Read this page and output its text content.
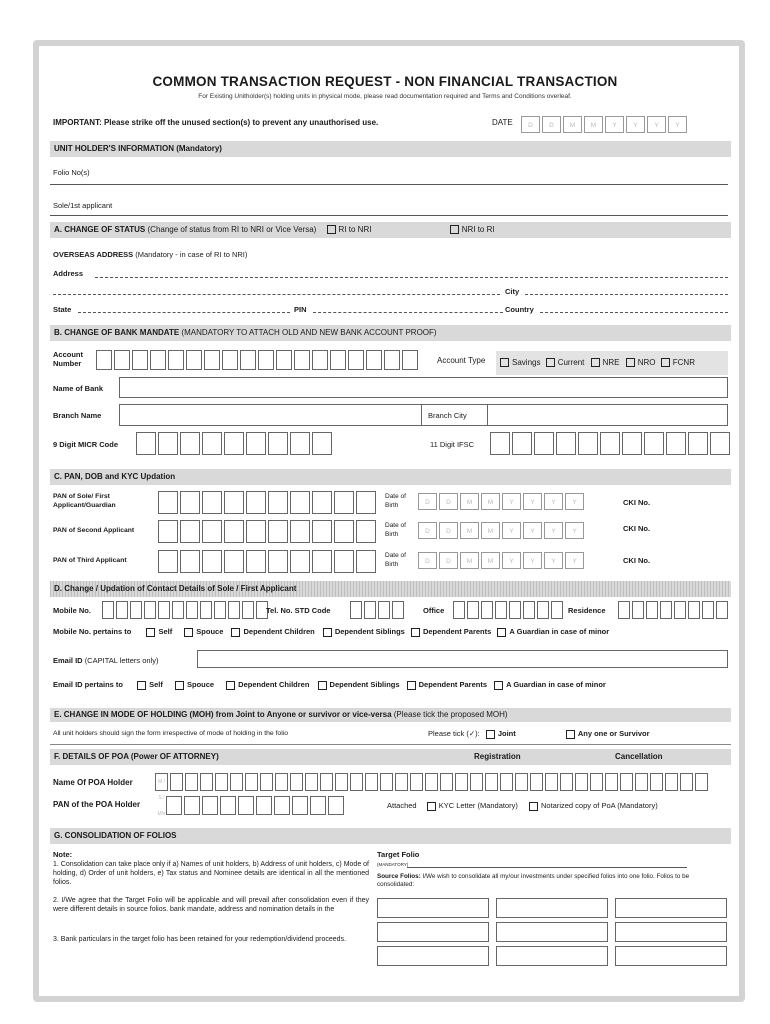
COMMON TRANSACTION REQUEST - NON FINANCIAL TRANSACTION
For Existing Unitholder(s) holding units in physical mode, please read documentation required and Terms and Conditions overleaf.
IMPORTANT: Please strike off the unused section(s) to prevent any unauthorised use.	DATE	D	D	M	M	Y	Y	Y	Y
UNIT HOLDER'S INFORMATION (Mandatory)
Folio No(s)
Sole/1st applicant
A. CHANGE OF STATUS (Change of status from RI to NRI or Vice Versa)	RI to NRI	NRI to RI
OVERSEAS ADDRESS (Mandatory - in case of RI to NRI)
Address
City
State	PIN	Country
B. CHANGE OF BANK MANDATE (MANDATORY TO ATTACH OLD AND NEW BANK ACCOUNT PROOF)
Account Number	Account Type	Savings Current NRE NRO FCNR
Name of Bank
Branch Name	Branch City
9 Digit MICR Code	11 Digit IFSC
C. PAN, DOB and KYC Updation
PAN of Sole/ First Applicant/Guardian
Date of Birth	D	D	M	M	Y	Y	Y	Y	CKI No.
PAN of Second Applicant
Date of Birth	D	D	M	M	Y	Y	Y	Y	CKI No.
PAN of Third Applicant
Date of Birth	D	D	M	M	Y	Y	Y	Y	CKI No.
D. Change / Updation of Contact Details of Sole / First Applicant
Mobile No.	Tel. No. STD Code	Office	Residence
Mobile No. pertains to	Self	Spouce	Dependent Children	Dependent Siblings Dependent Parents A Guardian in case of minor
Email ID (CAPITAL letters only)
Email ID pertains to	Self	Spouce	Dependent Children	Dependent Siblings	Dependent Parents	A Guardian in case of minor
E. CHANGE IN MODE OF HOLDING (MOH) from Joint to Anyone or survivor or vice-versa (Please tick the proposed MOH)
All unit holders should sign the form irrespective of mode of holding in the folio	Please tick (✓): Joint	Any one or Survivor
F. DETAILS OF POA (Power OF ATTORNEY)	Registration	Cancellation
Name Of POA Holder	M / S / M/s
PAN of the POA Holder	Attached	KYC Letter (Mandatory)	Notarized copy of PoA (Mandatory)
G. CONSOLIDATION OF FOLIOS
Note:
1. Consolidation can take place only if a) Names of unit holders, b) Address of unit holders, c) Mode of holding, d) Order of unit holders, e) Tax status and Nominee details are identical in all the mentioned folios.
2. I/We agree that the Target Folio will be applicable and will prevail after consolidation even if they were different details in source folios. bank mandate, address and nomination details in the
3. Bank particulars in the target folio has been retained for your redemption/dividend proceeds.
Target Folio
(MANDATORY)
Source Folios: I/We wish to consolidate all my/our investments under specified folios into one folio. Folios to be consolidated:
